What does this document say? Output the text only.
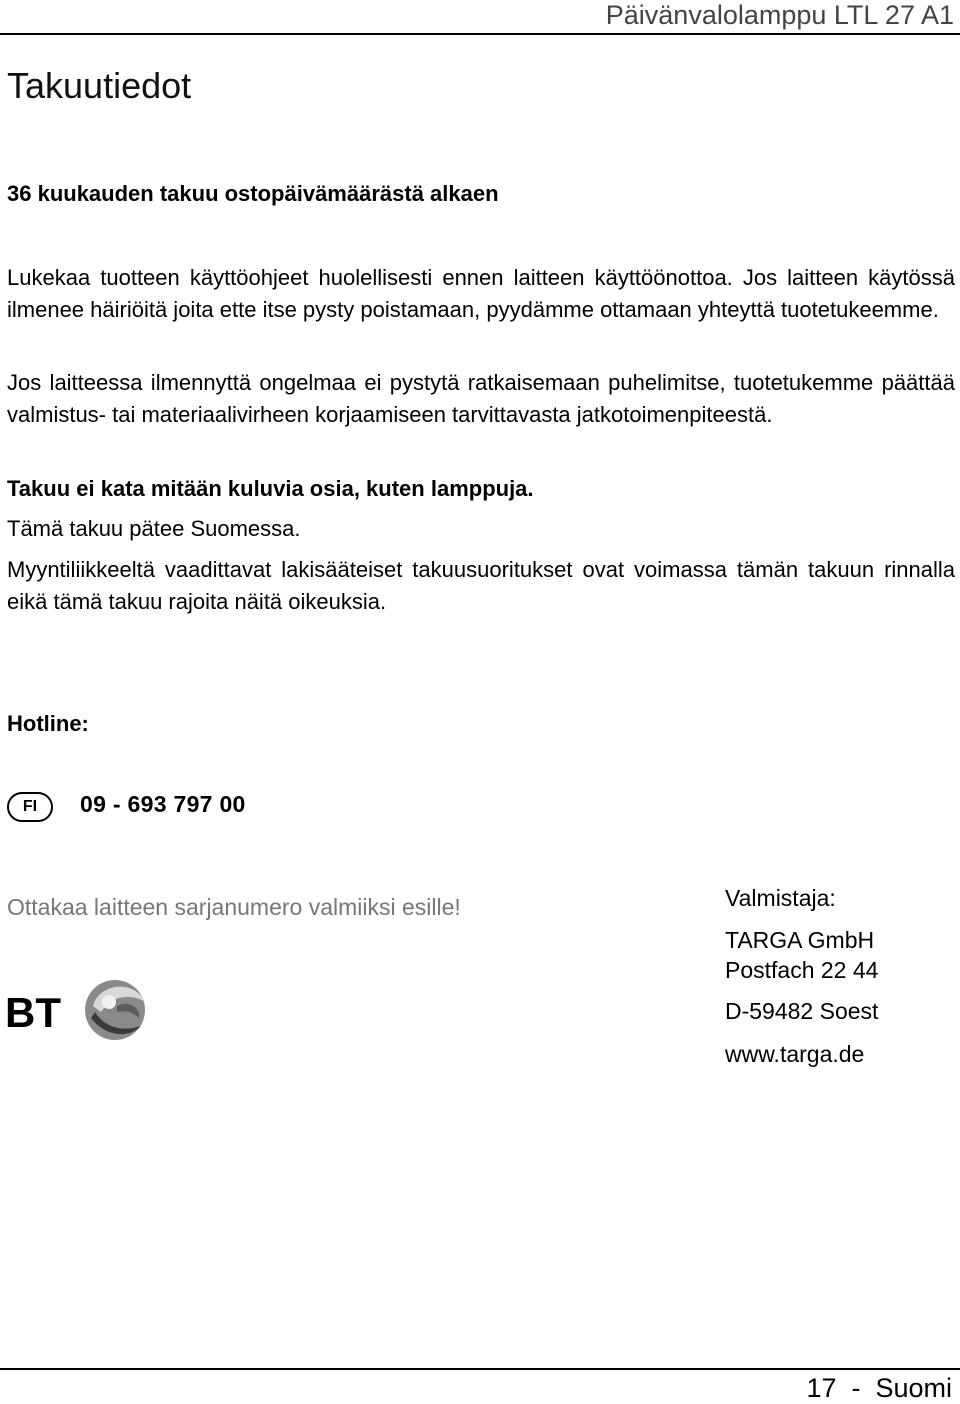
Päivänvalolamppu LTL 27 A1
Takuutiedot
36 kuukauden takuu ostopäivämäärästä alkaen
Lukekaa tuotteen käyttöohjeet huolellisesti ennen laitteen käyttöönottoa. Jos laitteen käytössä ilmenee häiriöitä joita ette itse pysty poistamaan, pyydämme ottamaan yhteyttä tuotetukeemme.
Jos laitteessa ilmennyttä ongelmaa ei pystytä ratkaisemaan puhelimitse, tuotetukemme päättää valmistus- tai materiaalivirheen korjaamiseen tarvittavasta jatkotoimenpiteestä.
Takuu ei kata mitään kuluvia osia, kuten lamppuja.
Tämä takuu pätee Suomessa.
Myyntiliikkeeltä vaadittavat lakisääteiset takuusuoritukset ovat voimassa tämän takuun rinnalla eikä tämä takuu rajoita näitä oikeuksia.
Hotline:
FI	09 - 693 797 00
Ottakaa laitteen sarjanumero valmiiksi esille!	Valmistaja:
TARGA GmbH
Postfach 22 44
D-59482 Soest
www.targa.de
BT
17  -  Suomi
